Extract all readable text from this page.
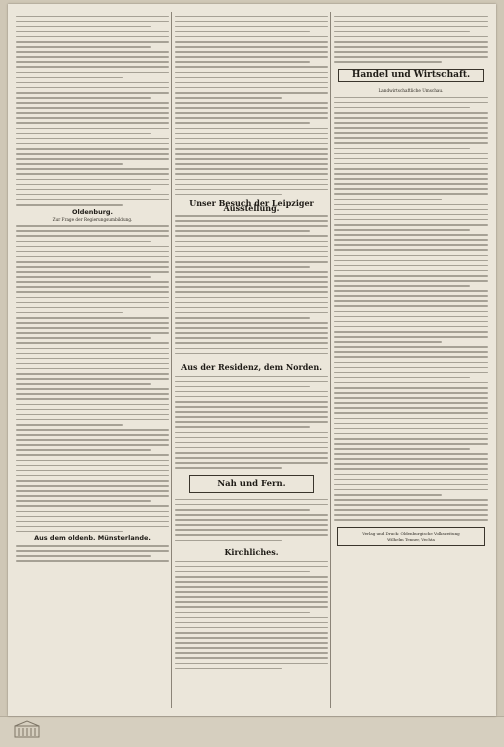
Oldenburg.
Zur Frage der Regierungsumbildung.
Aus dem oldenb. Münsterlande.
Unser Besuch der Leipziger Ausstellung.
Handel und Wirtschaft.
Landwirtschaftliche Umschau.
Verlag und Druck: Oldenburgische Volkszeitung
Wilhelm Tenner, Vechta
Aus der Residenz, dem Norden.
Nah und Fern.
Kirchliches.
